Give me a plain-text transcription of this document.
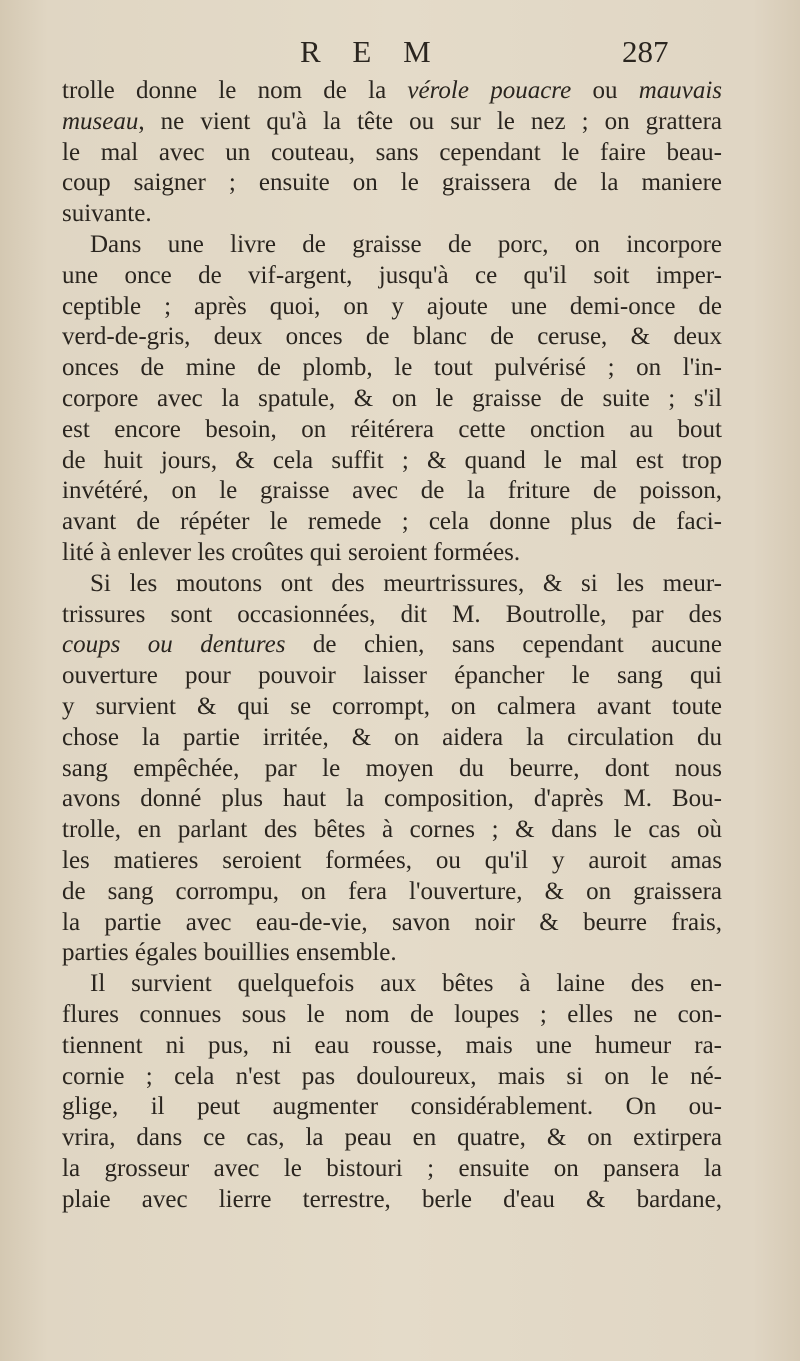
R E M	287
trolle donne le nom de la vérole pouacre ou mauvais
museau, ne vient qu'à la tête ou sur le nez ; on grattera
le mal avec un couteau, sans cependant le faire beau-
coup saigner ; ensuite on le graissera de la maniere
suivante.
Dans une livre de graisse de porc, on incorpore
une once de vif-argent, jusqu'à ce qu'il soit imper-
ceptible ; après quoi, on y ajoute une demi-once de
verd-de-gris, deux onces de blanc de ceruse, & deux
onces de mine de plomb, le tout pulvérisé ; on l'in-
corpore avec la spatule, & on le graisse de suite ; s'il
est encore besoin, on réitérera cette onction au bout
de huit jours, & cela suffit ; & quand le mal est trop
invétéré, on le graisse avec de la friture de poisson,
avant de répéter le remede ; cela donne plus de faci-
lité à enlever les croûtes qui seroient formées.
Si les moutons ont des meurtrissures, & si les meur-
trissures sont occasionnées, dit M. Boutrolle, par des
coups ou dentures de chien, sans cependant aucune
ouverture pour pouvoir laisser épancher le sang qui
y survient & qui se corrompt, on calmera avant toute
chose la partie irritée, & on aidera la circulation du
sang empêchée, par le moyen du beurre, dont nous
avons donné plus haut la composition, d'après M. Bou-
trolle, en parlant des bêtes à cornes ; & dans le cas où
les matieres seroient formées, ou qu'il y auroit amas
de sang corrompu, on fera l'ouverture, & on graissera
la partie avec eau-de-vie, savon noir & beurre frais,
parties égales bouillies ensemble.
Il survient quelquefois aux bêtes à laine des en-
flures connues sous le nom de loupes ; elles ne con-
tiennent ni pus, ni eau rousse, mais une humeur ra-
cornie ; cela n'est pas douloureux, mais si on le né-
glige, il peut augmenter considérablement. On ou-
vrira, dans ce cas, la peau en quatre, & on extirpera
la grosseur avec le bistouri ; ensuite on pansera la
plaie avec lierre terrestre, berle d'eau & bardane,
